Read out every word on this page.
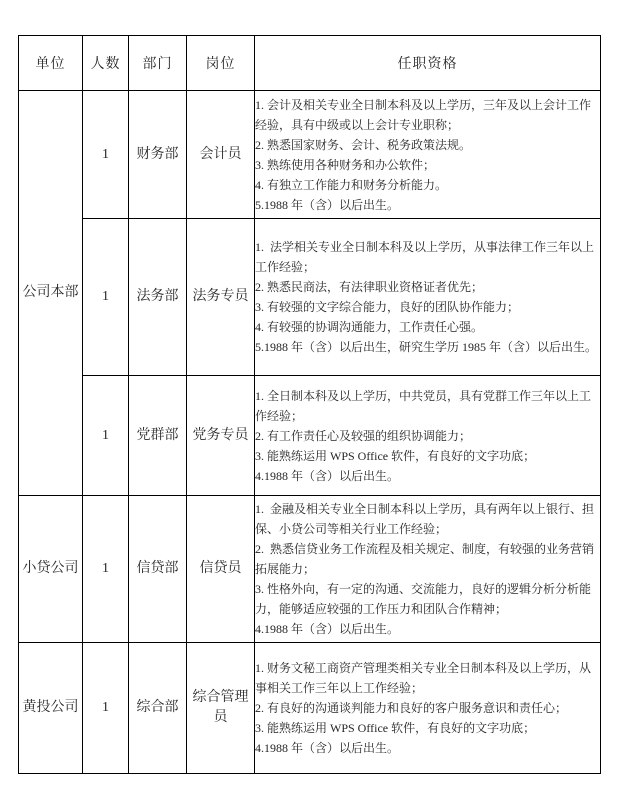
单位	人数	部门	岗位	任职资格
公司本部	1	财务部	会计员	1. 会计及相关专业全日制本科及以上学历，三年及以上会计工作经验，具有中级或以上会计专业职称；
2. 熟悉国家财务、会计、税务政策法规。
3. 熟练使用各种财务和办公软件；
4. 有独立工作能力和财务分析能力。
5.1988 年（含）以后出生。

	1	法务部	法务专员	1.  法学相关专业全日制本科及以上学历，从事法律工作三年以上工作经验；
2. 熟悉民商法，有法律职业资格证者优先；
3. 有较强的文字综合能力，良好的团队协作能力；
4. 有较强的协调沟通能力，工作责任心强。
5.1988 年（含）以后出生，研究生学历 1985 年（含）以后出生。

	1	党群部	党务专员	1. 全日制本科及以上学历，中共党员，具有党群工作三年以上工作经验；
2. 有工作责任心及较强的组织协调能力；
3. 能熟练运用 WPS Office 软件，有良好的文字功底；
4.1988 年（含）以后出生。

小贷公司	1	信贷部	信贷员	1.  金融及相关专业全日制本科以上学历，具有两年以上银行、担保、小贷公司等相关行业工作经验；
2.  熟悉信贷业务工作流程及相关规定、制度，有较强的业务营销拓展能力；
3. 性格外向，有一定的沟通、交流能力，良好的逻辑分析分析能力，能够适应较强的工作压力和团队合作精神；
4.1988 年（含）以后出生。

黄投公司	1	综合部	综合管理员	1. 财务文秘工商资产管理类相关专业全日制本科及以上学历，从事相关工作三年以上工作经验；
2. 有良好的沟通谈判能力和良好的客户服务意识和责任心；
3. 能熟练运用 WPS Office 软件，有良好的文字功底；
4.1988 年（含）以后出生。
